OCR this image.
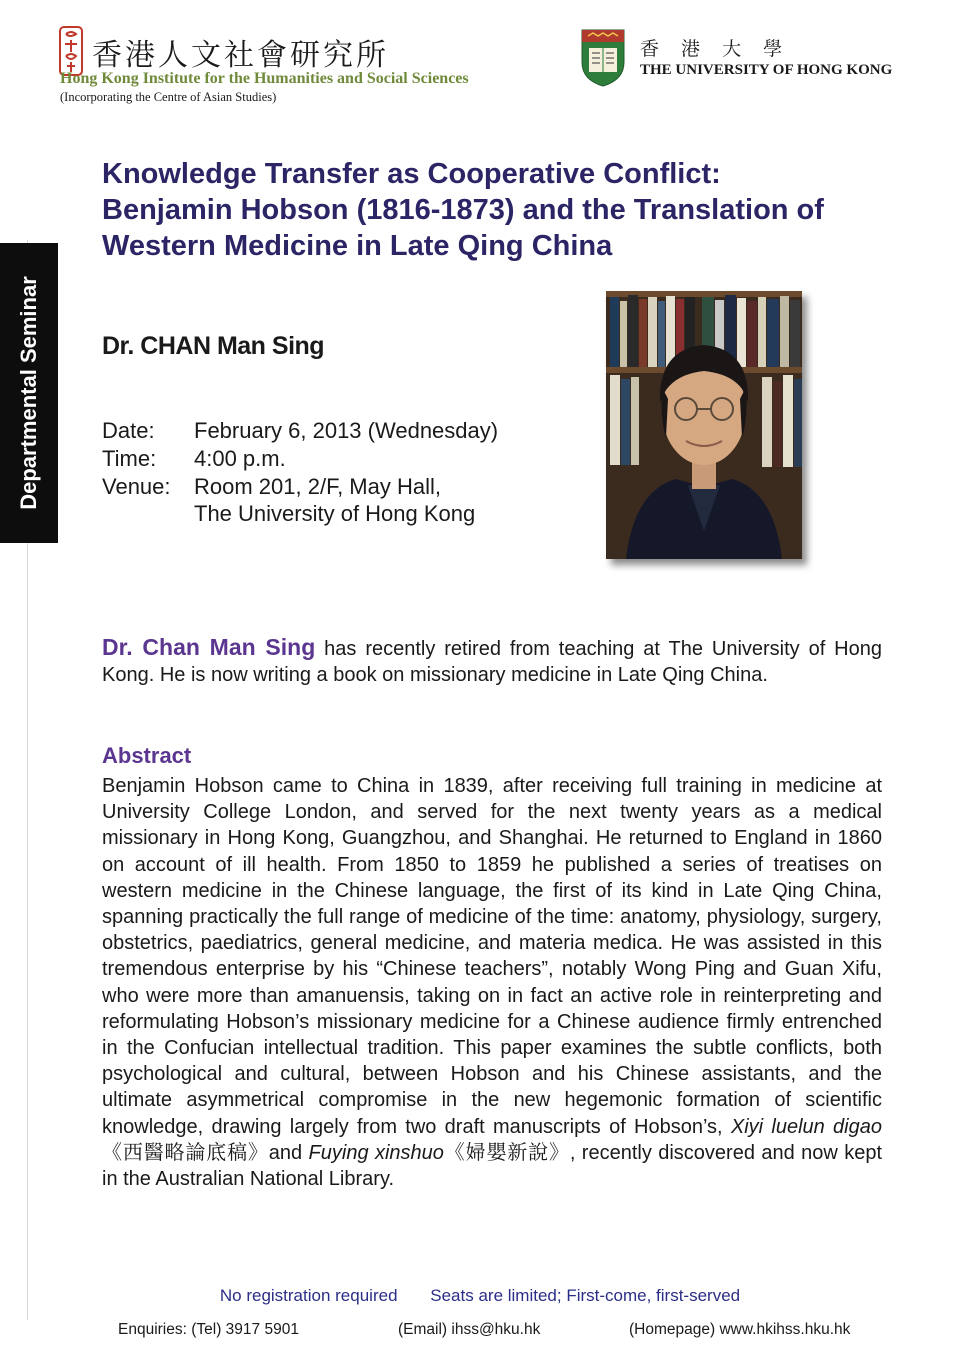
香港人文社會研究所
Hong Kong Institute for the Humanities and Social Sciences
(Incorporating the Centre of Asian Studies)
香 港 大 學
THE UNIVERSITY OF HONG KONG
Departmental Seminar
Knowledge Transfer as Cooperative Conflict:
Benjamin Hobson (1816-1873) and the Translation of
Western Medicine in Late Qing China
Dr. CHAN Man Sing
Date: February 6, 2013 (Wednesday)
Time: 4:00 p.m.
Venue: Room 201, 2/F, May Hall,
The University of Hong Kong
Dr. Chan Man Sing has recently retired from teaching at The University of Hong Kong. He is now writing a book on missionary medicine in Late Qing China.
Abstract

Benjamin Hobson came to China in 1839, after receiving full training in medicine at University College London, and served for the next twenty years as a medical missionary in Hong Kong, Guangzhou, and Shanghai. He returned to England in 1860 on account of ill health. From 1850 to 1859 he published a series of treatises on western medicine in the Chinese language, the first of its kind in Late Qing China, spanning practically the full range of medicine of the time: anatomy, physiology, surgery, obstetrics, paediatrics, general medicine, and materia medica. He was assisted in this tremendous enterprise by his “Chinese teachers”, notably Wong Ping and Guan Xifu, who were more than amanuensis, taking on in fact an active role in reinterpreting and reformulating Hobson’s missionary medicine for a Chinese audience firmly entrenched in the Confucian intellectual tradition. This paper examines the subtle conflicts, both psychological and cultural, between Hobson and his Chinese assistants, and the ultimate asymmetrical compromise in the new hegemonic formation of scientific knowledge, drawing largely from two draft manuscripts of Hobson’s, Xiyi luelun digao《西醫略論底稿》and Fuying xinshuo《婦嬰新說》, recently discovered and now kept in the Australian National Library.

No registration required Seats are limited; First-come, first-served
Enquiries: (Tel) 3917 5901	(Email) ihss@hku.hk	(Homepage) www.hkihss.hku.hk
